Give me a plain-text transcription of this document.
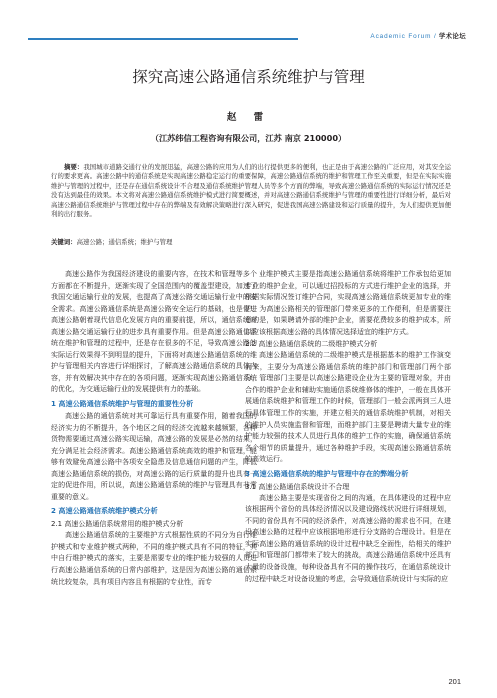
Academic Forum / 学术论坛
探究高速公路通信系统维护与管理
赵 雷
（江苏纬信工程咨询有限公司，江苏 南京 210000）
摘要：我国城市道路交通行业的发展迅猛，高速公路的应用为人们的出行提供更多的便利，也正是由于高速公路的广泛应用，对其安全运行的要求更高。高速公路中的通信系统是实现高速公路稳定运行的重要保障，高速公路通信系统的维护和管理工作至关重要，但是在实际实施维护与管理的过程中，还是存在通信系统设计不合理及通信系统维护管理人员等多个方面的弊端，导致高速公路通信系统的实际运行情况还是没有达到最佳的效果。本文将对高速公路通信系统维护模式进行简要概述，并对高速公路通信系统维护与管理的重要性进行详细分析，最后对高速公路通信系统维护与管理过程中存在的弊端及有效解决策略进行深入研究，促进我国高速公路建设和运行质量的提升，为人们提供更加便利的出行服务。
关键词：高速公路；通信系统；维护与管理

高速公路作为我国经济建设的重要内容，在技术和管理等多个方面都在不断提升，逐渐实现了全国范围内的覆盖型建设，加速了我国交通运输行业的发展，也提高了高速公路交通运输行业中的安全需求。高速公路通信系统是高速公路安全运行的基础，也是促进高速公路朝着现代信息化发展方向的重要前提，所以，通信系统对高速公路交通运输行业的进步具有重要作用。但是高速公路通信系统在维护和管理的过程中，还是存在很多的不足，导致高速公路的实际运行效果得不到明显的提升，下面将对高速公路通信系统的维护与管理相关内容进行详细探讨，了解高速公路通信系统的具体内容，并有效解决其中存在的各项问题，逐渐实现高速公路通信系统的优化，为交通运输行业的发展提供有力的基础。

1 高速公路通信系统维护与管理的重要性分析

高速公路的通信系统对其可靠运行具有重要作用，随着我国的经济实力的不断提升，各个地区之间的经济交流越来越频繁，各种货物需要通过高速公路实现运输，高速公路的发展是必然的结果，充分满足社会经济需求。高速公路通信系统高效的维护和管理，能够有效避免高速公路中各项安全隐患及信息通信问题的产生，降低高速公路通信系统的损伤，对高速公路的运行质量的提升也具有一定的促进作用，所以说，高速公路通信系统的维护与管理具有非常重要的意义。

2 高速公路通信系统维护模式分析
2.1 高速公路通信系统常用的维护模式分析

高速公路通信系统的主要维护方式根据性质的不同分为自行维护模式和专业维护模式两种，不同的维护模式具有不同的特征，其中自行维护模式的落实，主要是需要专业的维护能力较强的人员进行高速公路通信系统的日常内部维护，这是因为高速公路的通信系统比较复杂，具有项目内容且有根据的专业性，而专

业维护模式主要是指高速公路通信系统将维护工作承包给更加专业的维护企业，可以通过招投标的方式进行维护企业的选择，并根据实际情况签订维护合同，实现高速公路通信系统更加专业的维护。为高速公路相关的管理部门带来更多的工作便利，但是需要注意的是，如果聘请外部的维护企业，需要花费较多的维护成本，所以应该根据高速公路的具体情况选择适宜的维护方式。

2.2 高速公路通信系统的二级维护模式分析

高速公路通信系统的二级维护模式是根据基本的维护工作演变而来，主要分为高速公路通信系统的维护部门和管理部门两个部分，管理部门主要是以高速公路建设企业为主要的管理对象，并由合作的维护企业和辅助实施通信系统维修体的维护，一般在具体开展通信系统维护和管理工作的时候，管理部门一般会派两到三人进行具体管理工作的实施，并建立相关的通信系统维护机制，对相关的维护人员实施监督和管理，而维护部门主要是聘请大量专业的维护能力较强的技术人员进行具体的维护工作的实施，确保通信系统各个细节的质量提升，通过各种维护手段，实现高速公路通信系统的高效运行。

3 高速公路通信系统的维护与管理中存在的弊端分析
3.1 高速公路通信系统设计不合理

高速公路主要是实现省份之间的沟通，在具体建设的过程中应该根据两个省份的具体经济情况以及建设路线状况进行详细规划，不同的省份具有不同的经济条件，对高速公路的需求也不同，在建设高速公路的过程中应该根据地形进行分支路的合理设计。但是在实际高速公路的通信系统的设计过程中缺乏全面性，给相关的维护部门和管理部门都带来了较大的挑战，高速公路通信系统中还具有大量的设备设施，每种设备具有不同的操作技巧，在通信系统设计的过程中缺乏对设备设施的考虑，会导致通信系统设计与实际的应

201
